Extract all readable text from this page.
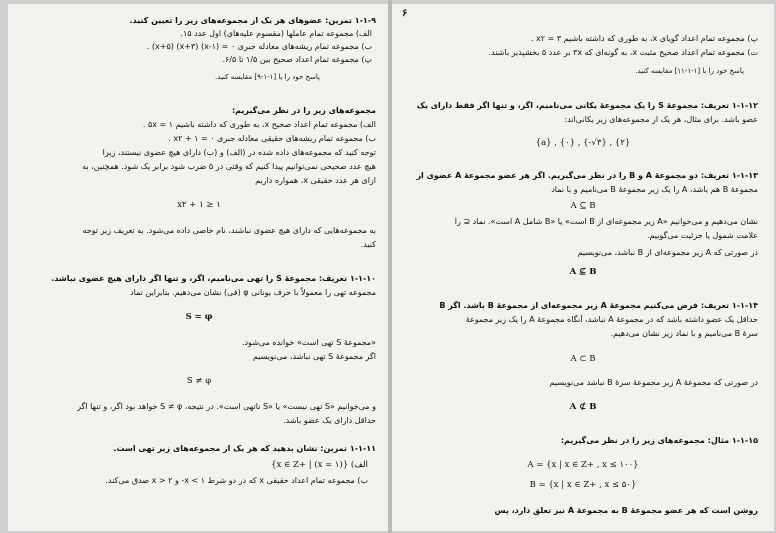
۱-۱-۹ تمرین: عضوهای هر یک از مجموعه‌های زیر را تعیین کنید.
الف) مجموعه تمام عاملها (مقسوم علیه‌های) اول عدد ۱۵.
ب) مجموعه تمام ریشه‌های معادله جبری ۰ = (x-۱) (x+۳) (x+۵) .
پ) مجموعه تمام اعداد صحیح بین ۱/۵ تا ۶/۵.
پاسخ خود را با [۱-۱-۹] مقایسه کنید.
مجموعه‌های زیر را در نظر می‌گیریم:
الف) مجموعه تمام اعداد صحیح x، به طوری که داشته باشیم ۱ = ۵x .
ب) مجموعه تمام ریشه‌های حقیقی معادله جبری ۰ = ۱ + x۲ .
توجه کنید که مجموعه‌های داده شده در (الف) و (ب) دارای هیچ عضوی نیستند، زیرا
هیچ عدد صحیحی نمی‌توانیم پیدا کنیم که وقتی در ۵ ضرب شود برابر یک شود. همچنین، به
ازای هر عدد حقیقی x، همواره داریم
x۲ + ۱ ≥ ۱
به مجموعه‌هایی که دارای هیچ عضوی نباشند، نام خاصی داده می‌شود. به تعریف زیر توجه
کنید.
۱-۱-۱۰ تعریف: مجموعهٔ S را تهی می‌نامیم، اگر، و تنها اگر دارای هیچ عضوی نباشد.
مجموعه تهی را معمولاً با حرف یونانی φ (فی) نشان می‌دهیم. بنابراین نماد
S = φ
«مجموعهٔ S تهی است» خوانده می‌شود.
اگر مجموعهٔ S تهی نباشد، می‌نویسیم
S ≠ φ
و می‌خوانیم «S تهی نیست» یا «S ناتهی است». در نتیجه، S ≠ φ خواهد بود اگر، و تنها اگر
حداقل دارای یک عضو باشد.
۱-۱-۱۱ تمرین: نشان بدهید که هر یک از مجموعه‌های زیر تهی است.
الف) {x ∈ Z+ | (x = ۱)}
ب) مجموعه تمام اعداد حقیقی x که در دو شرط x < ۱- و x > ۲ صدق می‌کند.
۶
پ) مجموعه تمام اعداد گویای x، به طوری که داشته باشیم ۳ = x۲ .
ت) مجموعه تمام اعداد صحیح مثبت x، به گونه‌ای که ۳x بر عدد ۵ بخشپذیر باشند.
پاسخ خود را با [۱-۱-۱۱] مقایسه کنید.
۱-۱-۱۲ تعریف: مجموعهٔ S را یک مجموعهٔ یکانی می‌نامیم، اگر، و تنها اگر فقط دارای یک
عضو باشد. برای مثال، هر یک از مجموعه‌های زیر یکانی‌اند:
{a} , {۰} , {-√۳} , {۲}
۱-۱-۱۳ تعریف: دو مجموعهٔ A و B را در نظر می‌گیریم. اگر هر عضو مجموعهٔ A عضوی از
مجموعهٔ B هم باشد، A را یک زیر مجموعهٔ B می‌نامیم و با نماد
A ⊆ B
نشان می‌دهیم و می‌خوانیم «A زیر مجموعه‌ای از B است» یا «B شامل A است». نماد ⊆ را
علامت شمول یا جزئیت می‌گوییم.
در صورتی که A زیر مجموعه‌ای از B نباشد، می‌نویسیم
A ⊈ B
۱-۱-۱۴ تعریف: فرض می‌کنیم مجموعهٔ A زیر مجموعه‌ای از مجموعهٔ B باشد. اگر B
حداقل یک عضو داشته باشد که در مجموعهٔ A نباشد، آنگاه مجموعهٔ A را یک زیر مجموعهٔ
سرهٔ B می‌نامیم و با نماد زیر نشان می‌دهیم.
A ⊂ B
در صورتی که مجموعهٔ A زیر مجموعهٔ سرهٔ B نباشد می‌نویسیم
A ⊄ B
۱-۱-۱۵ مثال: مجموعه‌های زیر را در نظر می‌گیریم:
A = {x | x ∈ Z+ , x ≤ ۱۰۰}
B = {x | x ∈ Z+ , x ≤ ۵۰}
روشن است که هر عضو مجموعهٔ B به مجموعهٔ A نیز تعلق دارد، پس
